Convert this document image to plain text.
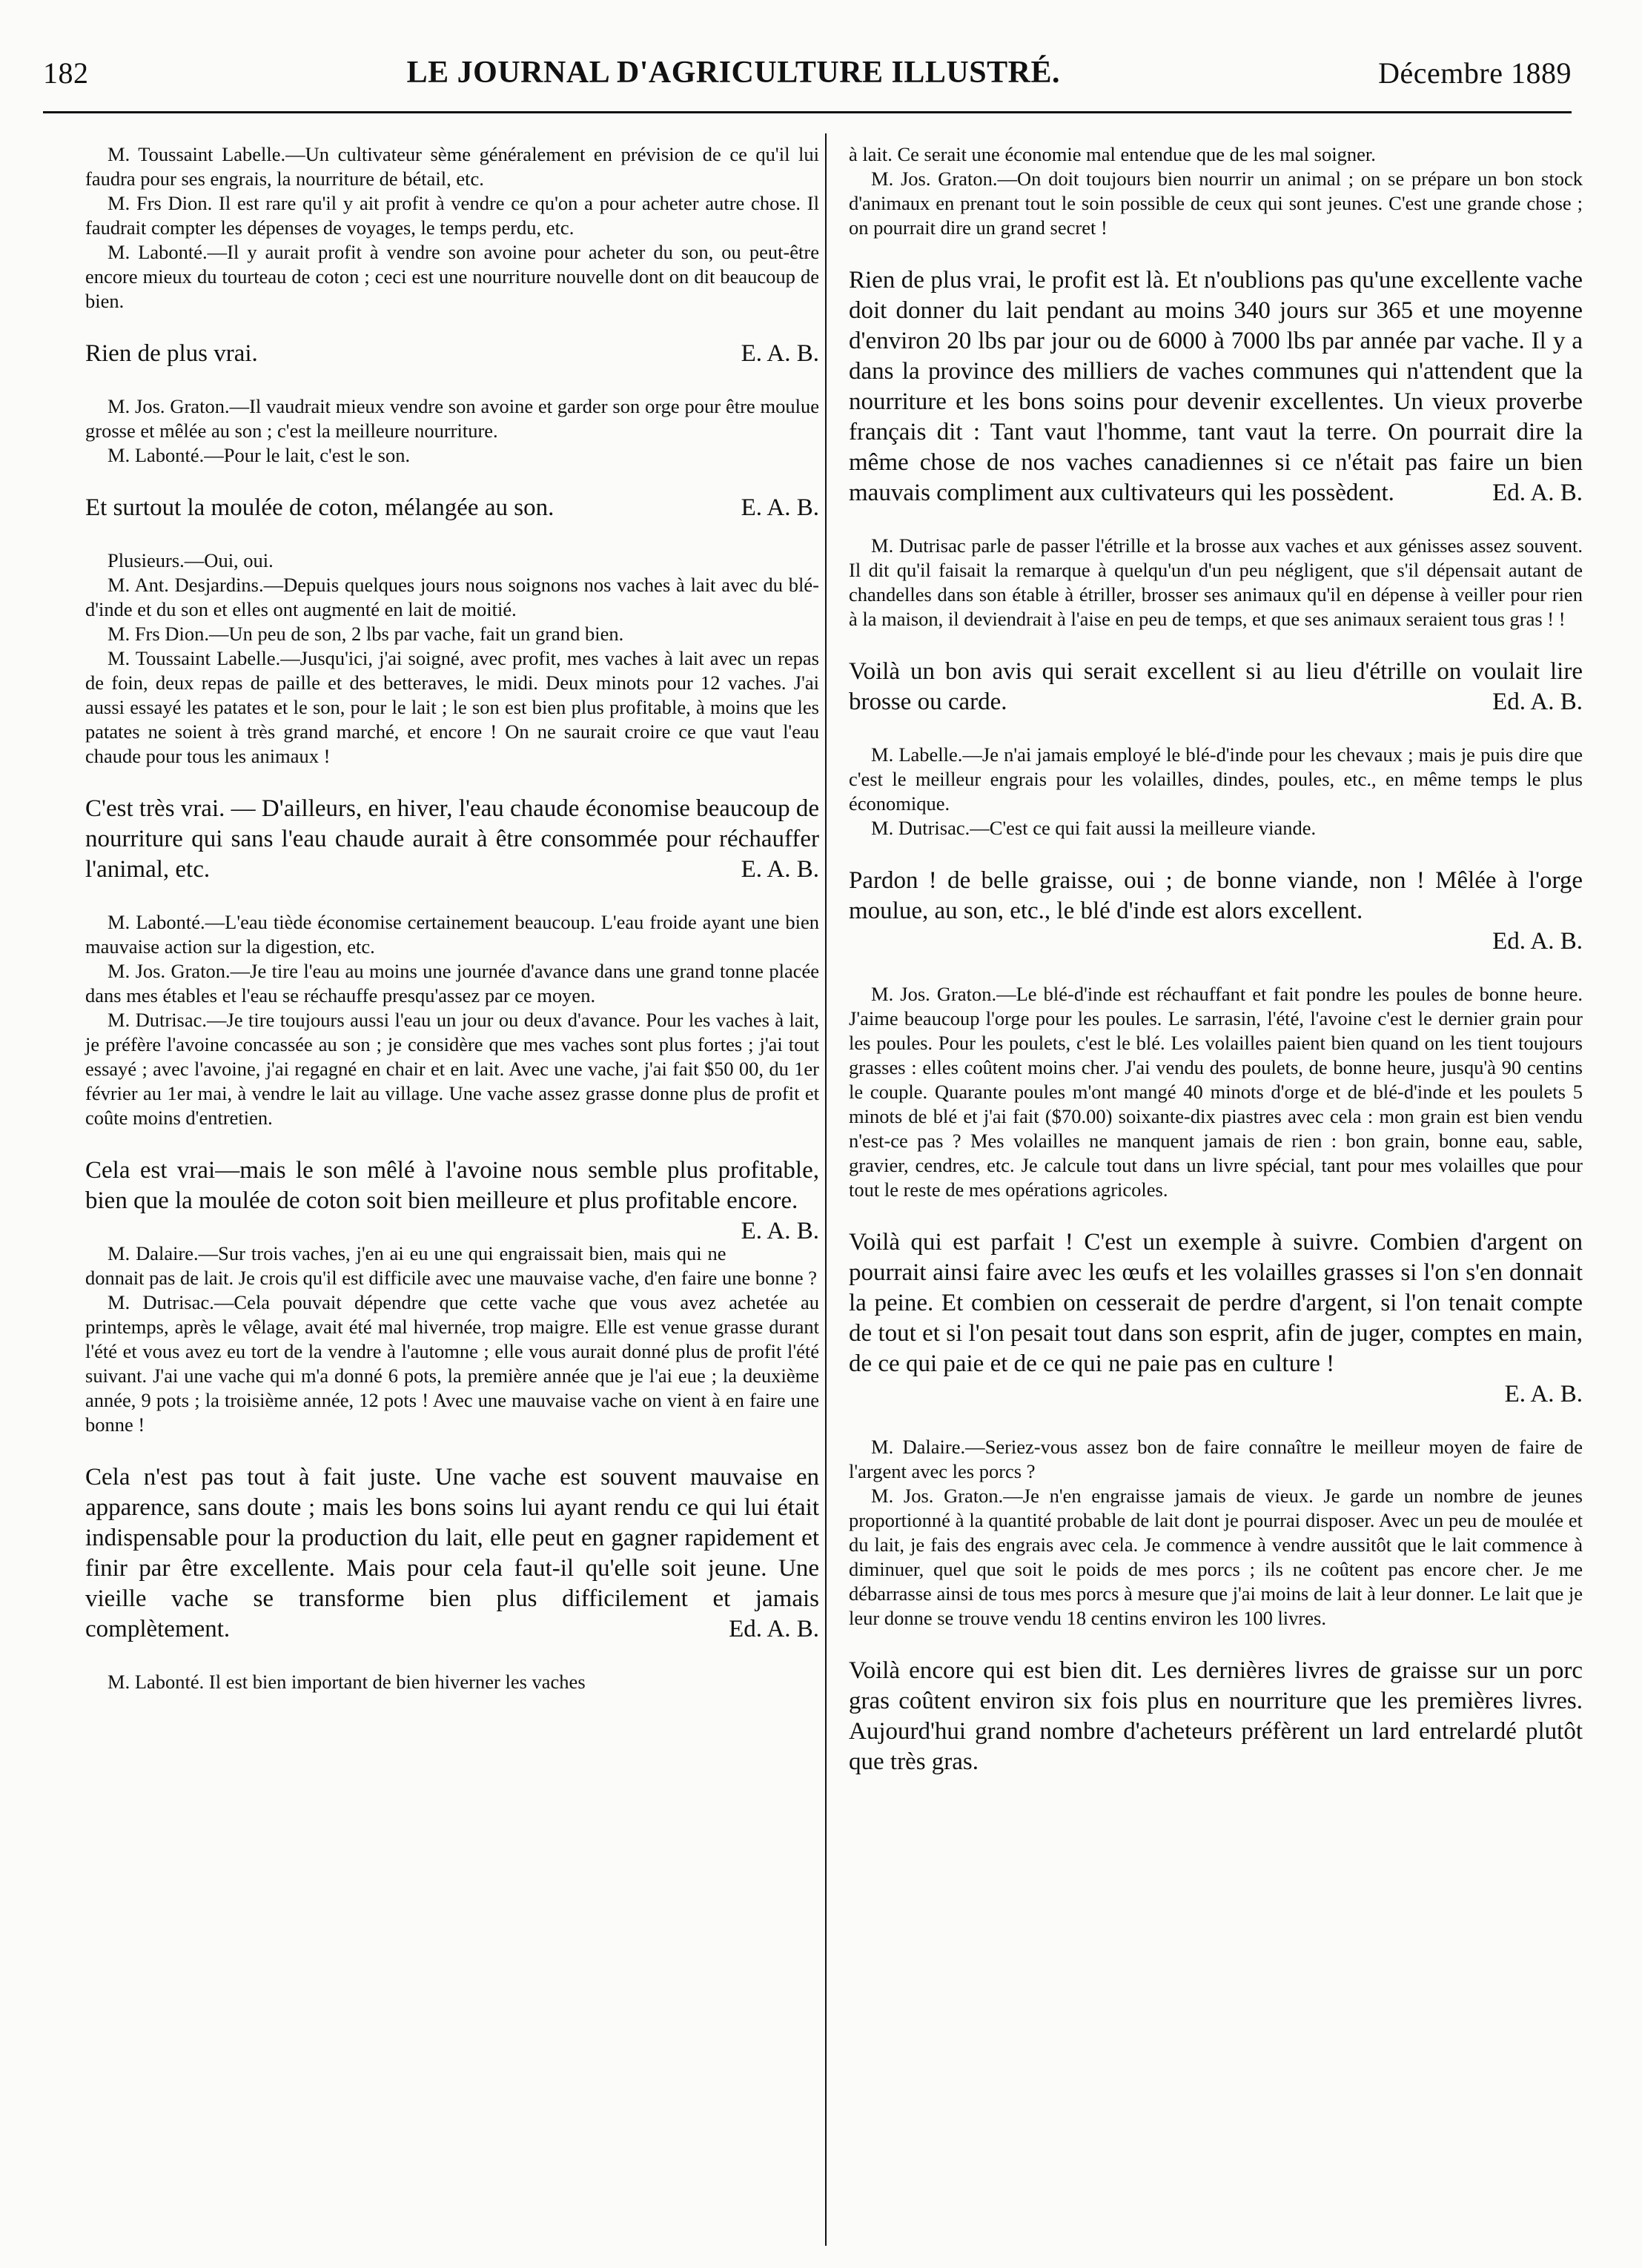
182	LE JOURNAL D'AGRICULTURE ILLUSTRÉ.	Décembre 1889

M. Toussaint Labelle.—Un cultivateur sème généralement en prévision de ce qu'il lui faudra pour ses engrais, la nourriture de bétail, etc.

M. Frs Dion. Il est rare qu'il y ait profit à vendre ce qu'on a pour acheter autre chose. Il faudrait compter les dépenses de voyages, le temps perdu, etc.

M. Labonté.—Il y aurait profit à vendre son avoine pour acheter du son, ou peut-être encore mieux du tourteau de coton ; ceci est une nourriture nouvelle dont on dit beaucoup de bien.

E. A. B.
Rien de plus vrai.

M. Jos. Graton.—Il vaudrait mieux vendre son avoine et garder son orge pour être moulue grosse et mêlée au son ; c'est la meilleure nourriture.

M. Labonté.—Pour le lait, c'est le son.

E. A. B.
Et surtout la moulée de coton, mélangée au son.

Plusieurs.—Oui, oui.

M. Ant. Desjardins.—Depuis quelques jours nous soignons nos vaches à lait avec du blé-d'inde et du son et elles ont augmenté en lait de moitié.

M. Frs Dion.—Un peu de son, 2 lbs par vache, fait un grand bien.

M. Toussaint Labelle.—Jusqu'ici, j'ai soigné, avec profit, mes vaches à lait avec un repas de foin, deux repas de paille et des betteraves, le midi. Deux minots pour 12 vaches. J'ai aussi essayé les patates et le son, pour le lait ; le son est bien plus profitable, à moins que les patates ne soient à très grand marché, et encore ! On ne saurait croire ce que vaut l'eau chaude pour tous les animaux !

C'est très vrai. — D'ailleurs, en hiver, l'eau chaude économise beaucoup de nourriture qui sans l'eau chaude aurait à être consommée pour réchauffer l'animal, etc.	E. A. B.

M. Labonté.—L'eau tiède économise certainement beaucoup. L'eau froide ayant une bien mauvaise action sur la digestion, etc.

M. Jos. Graton.—Je tire l'eau au moins une journée d'avance dans une grand tonne placée dans mes étables et l'eau se réchauffe presqu'assez par ce moyen.

M. Dutrisac.—Je tire toujours aussi l'eau un jour ou deux d'avance. Pour les vaches à lait, je préfère l'avoine concassée au son ; je considère que mes vaches sont plus fortes ; j'ai tout essayé ; avec l'avoine, j'ai regagné en chair et en lait. Avec une vache, j'ai fait $50 00, du 1er février au 1er mai, à vendre le lait au village. Une vache assez grasse donne plus de profit et coûte moins d'entretien.

Cela est vrai—mais le son mêlé à l'avoine nous semble plus profitable, bien que la moulée de coton soit bien meilleure et plus profitable encore.
E. A. B.

M. Dalaire.—Sur trois vaches, j'en ai eu une qui engraissait bien, mais qui ne donnait pas de lait. Je crois qu'il est difficile avec une mauvaise vache, d'en faire une bonne ?

M. Dutrisac.—Cela pouvait dépendre que cette vache que vous avez achetée au printemps, après le vêlage, avait été mal hivernée, trop maigre. Elle est venue grasse durant l'été et vous avez eu tort de la vendre à l'automne ; elle vous aurait donné plus de profit l'été suivant. J'ai une vache qui m'a donné 6 pots, la première année que je l'ai eue ; la deuxième année, 9 pots ; la troisième année, 12 pots ! Avec une mauvaise vache on vient à en faire une bonne !

Cela n'est pas tout à fait juste. Une vache est souvent mauvaise en apparence, sans doute ; mais les bons soins lui ayant rendu ce qui lui était indispensable pour la production du lait, elle peut en gagner rapidement et finir par être excellente. Mais pour cela faut-il qu'elle soit jeune. Une vieille vache se transforme bien plus difficilement et jamais complètement.	Ed. A. B.

M. Labonté. Il est bien important de bien hiverner les vaches

à lait. Ce serait une économie mal entendue que de les mal soigner.

M. Jos. Graton.—On doit toujours bien nourrir un animal ; on se prépare un bon stock d'animaux en prenant tout le soin possible de ceux qui sont jeunes. C'est une grande chose ; on pourrait dire un grand secret !

Rien de plus vrai, le profit est là. Et n'oublions pas qu'une excellente vache doit donner du lait pendant au moins 340 jours sur 365 et une moyenne d'environ 20 lbs par jour ou de 6000 à 7000 lbs par année par vache. Il y a dans la province des milliers de vaches communes qui n'attendent que la nourriture et les bons soins pour devenir excellentes. Un vieux proverbe français dit : Tant vaut l'homme, tant vaut la terre. On pourrait dire la même chose de nos vaches canadiennes si ce n'était pas faire un bien mauvais compliment aux cultivateurs qui les possèdent.	Ed. A. B.

M. Dutrisac parle de passer l'étrille et la brosse aux vaches et aux génisses assez souvent. Il dit qu'il faisait la remarque à quelqu'un d'un peu négligent, que s'il dépensait autant de chandelles dans son étable à étriller, brosser ses animaux qu'il en dépense à veiller pour rien à la maison, il deviendrait à l'aise en peu de temps, et que ses animaux seraient tous gras ! !

Voilà un bon avis qui serait excellent si au lieu d'étrille on voulait lire brosse ou carde.	Ed. A. B.

M. Labelle.—Je n'ai jamais employé le blé-d'inde pour les chevaux ; mais je puis dire que c'est le meilleur engrais pour les volailles, dindes, poules, etc., en même temps le plus économique.

M. Dutrisac.—C'est ce qui fait aussi la meilleure viande.

Pardon ! de belle graisse, oui ; de bonne viande, non ! Mêlée à l'orge moulue, au son, etc., le blé d'inde est alors excellent.

Ed. A. B.

M. Jos. Graton.—Le blé-d'inde est réchauffant et fait pondre les poules de bonne heure. J'aime beaucoup l'orge pour les poules. Le sarrasin, l'été, l'avoine c'est le dernier grain pour les poules. Pour les poulets, c'est le blé. Les volailles paient bien quand on les tient toujours grasses : elles coûtent moins cher. J'ai vendu des poulets, de bonne heure, jusqu'à 90 centins le couple. Quarante poules m'ont mangé 40 minots d'orge et de blé-d'inde et les poulets 5 minots de blé et j'ai fait ($70.00) soixante-dix piastres avec cela : mon grain est bien vendu n'est-ce pas ? Mes volailles ne manquent jamais de rien : bon grain, bonne eau, sable, gravier, cendres, etc. Je calcule tout dans un livre spécial, tant pour mes volailles que pour tout le reste de mes opérations agricoles.

Voilà qui est parfait ! C'est un exemple à suivre. Combien d'argent on pourrait ainsi faire avec les œufs et les volailles grasses si l'on s'en donnait la peine. Et combien on cesserait de perdre d'argent, si l'on tenait compte de tout et si l'on pesait tout dans son esprit, afin de juger, comptes en main, de ce qui paie et de ce qui ne paie pas en culture !

E. A. B.

M. Dalaire.—Seriez-vous assez bon de faire connaître le meilleur moyen de faire de l'argent avec les porcs ?

M. Jos. Graton.—Je n'en engraisse jamais de vieux. Je garde un nombre de jeunes proportionné à la quantité probable de lait dont je pourrai disposer. Avec un peu de moulée et du lait, je fais des engrais avec cela. Je commence à vendre aussitôt que le lait commence à diminuer, quel que soit le poids de mes porcs ; ils ne coûtent pas encore cher. Je me débarrasse ainsi de tous mes porcs à mesure que j'ai moins de lait à leur donner. Le lait que je leur donne se trouve vendu 18 centins environ les 100 livres.

Voilà encore qui est bien dit. Les dernières livres de graisse sur un porc gras coûtent environ six fois plus en nourriture que les premières livres. Aujourd'hui grand nombre d'acheteurs préfèrent un lard entrelardé plutôt que très gras.
